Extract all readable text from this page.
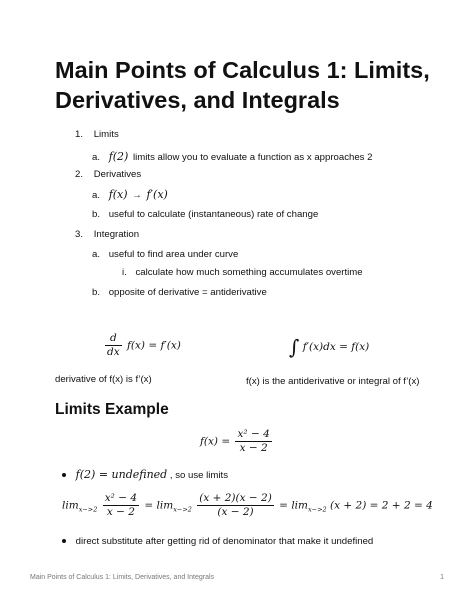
Main Points of Calculus 1: Limits, Derivatives, and Integrals
1. Limits
a. f(2) limits allow you to evaluate a function as x approaches 2
2. Derivatives
a. f(x) → f′(x)
b. useful to calculate (instantaneous) rate of change
3. Integration
a. useful to find area under curve
i. calculate how much something accumulates overtime
b. opposite of derivative = antiderivative
$\frac{d}{dx} f(x) = f'(x)$	∫ f′(x)dx = f(x)
derivative of f(x) is f’(x)	f(x) is the antiderivative or integral of f’(x)
Limits Example
$f(x) = \frac{\text{x² − 4}}{x - 2}$
f(2) = undefined , so use limits
$\lim_{x->2} \frac{\text{x² − 4}}{x - 2} = \lim_{x->2} \frac{(x + 2)(x - 2)}{(x - 2)} = \lim_{x->2} (x + 2) = 2 + 2 = 4$
direct substitute after getting rid of denominator that make it undefined
Main Points of Calculus 1: Limits, Derivatives, and Integrals	1
